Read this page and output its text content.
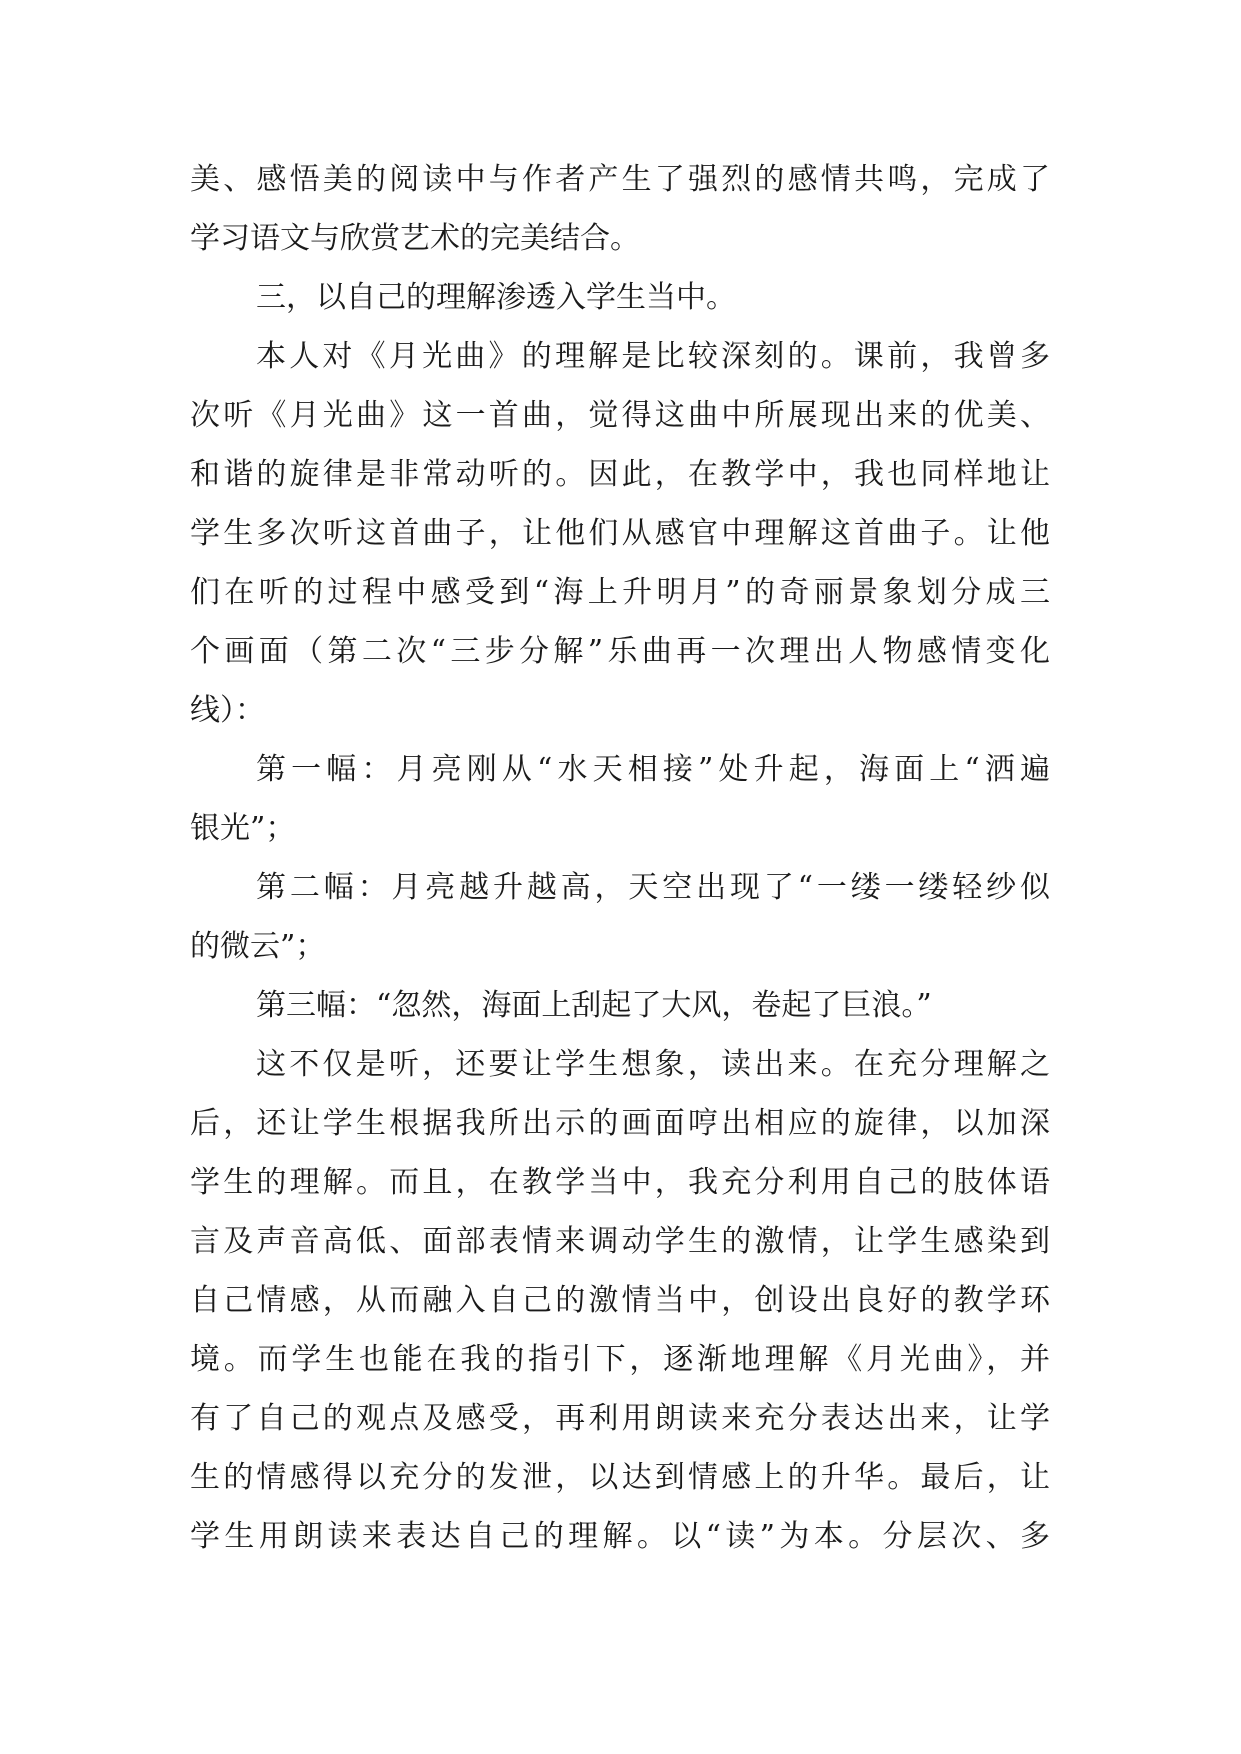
美、感悟美的阅读中与作者产生了强烈的感情共鸣，完成了
学习语文与欣赏艺术的完美结合。
三，以自己的理解渗透入学生当中。
本人对《月光曲》的理解是比较深刻的。课前，我曾多
次听《月光曲》这一首曲，觉得这曲中所展现出来的优美、
和谐的旋律是非常动听的。因此，在教学中，我也同样地让
学生多次听这首曲子，让他们从感官中理解这首曲子。让他
们在听的过程中感受到“海上升明月”的奇丽景象划分成三
个画面（第二次“三步分解”乐曲再一次理出人物感情变化
线）：
第一幅：月亮刚从“水天相接”处升起，海面上“洒遍
银光”；
第二幅：月亮越升越高，天空出现了“一缕一缕轻纱似
的微云”；
第三幅：“忽然，海面上刮起了大风，卷起了巨浪。”
这不仅是听，还要让学生想象，读出来。在充分理解之
后，还让学生根据我所出示的画面哼出相应的旋律，以加深
学生的理解。而且，在教学当中，我充分利用自己的肢体语
言及声音高低、面部表情来调动学生的激情，让学生感染到
自己情感，从而融入自己的激情当中，创设出良好的教学环
境。而学生也能在我的指引下，逐渐地理解《月光曲》，并
有了自己的观点及感受，再利用朗读来充分表达出来，让学
生的情感得以充分的发泄，以达到情感上的升华。最后，让
学生用朗读来表达自己的理解。以“读”为本。分层次、多
